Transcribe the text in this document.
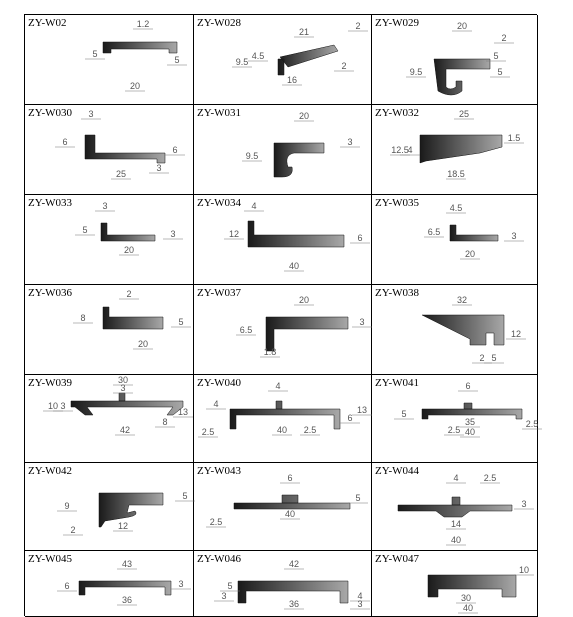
ZY-W02	1.2
5
5
20
ZY-W028
21
2
9.5
4.5
2
16
ZY-W029	20
2
5
9.5	5
ZY-W030 3
6
6
25
3
ZY-W031	20
9.5
3
ZY-W032	25
12.5
4
1.5
18.5
ZY-W033	3
5	3
20
ZY-W034 4
12	6
40
ZY-W035	4.5
6.5	3
20
ZY-W036	2
8	5
20
ZY-W037
20
3
6.5
1.8
ZY-W038
32
12
2 5
ZY-W039	30
3
10 3
13
42
8
ZY-W040	4
4
2.5	40 2.5
6
13
ZY-W041	6
5
35
2.5 40
2.5
ZY-W042
9
5
2	12
ZY-W043
6
5
2.5
40
ZY-W044
4	2.5
14
3
40
ZY-W045	43
6	3
36
ZY-W046	42
3
5
4
36	3
ZY-W047
10
30
40
